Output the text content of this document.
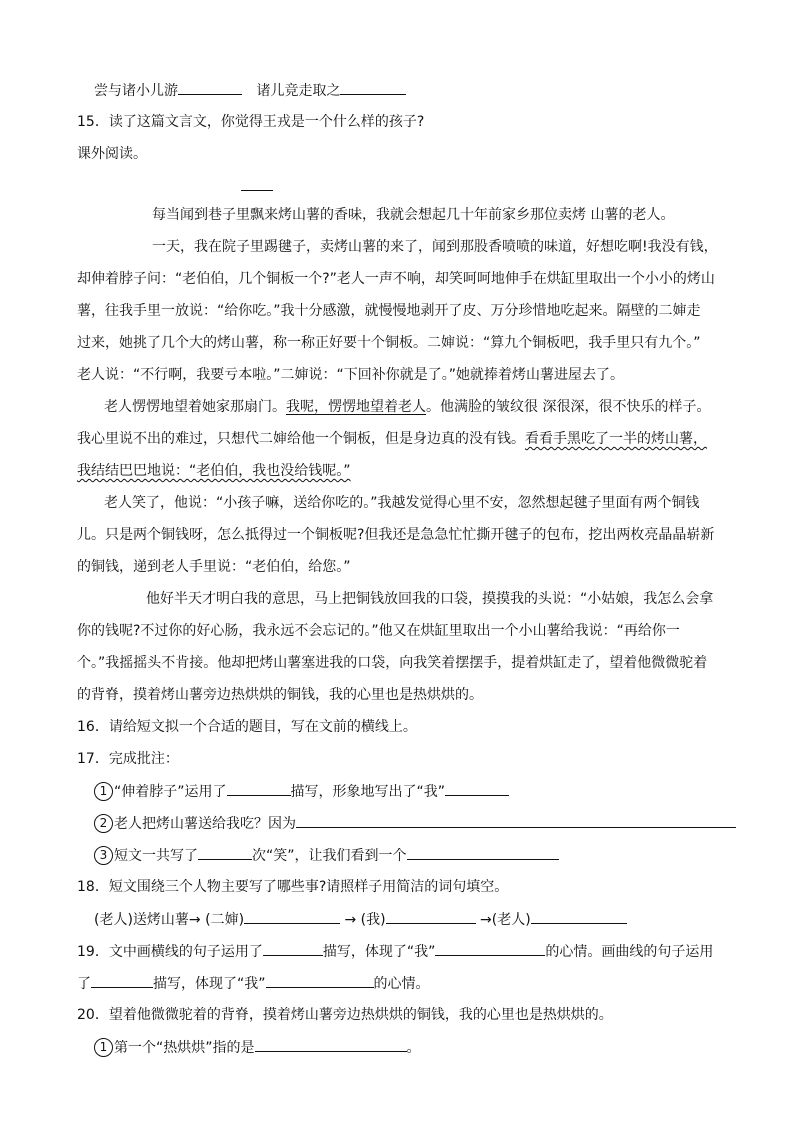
尝与诸小儿游	诸儿竞走取之
15．读了这篇文言文，你觉得王戎是一个什么样的孩子?
课外阅读。
每当闻到巷子里飘来烤山薯的香味，我就会想起几十年前家乡那位卖烤 山薯的老人。
一天，我在院子里踢毽子，卖烤山薯的来了，闻到那股香喷喷的味道，好想吃啊!我没有钱，
却伸着脖子问：“老伯伯，几个铜板一个?”老人一声不响，却笑呵呵地伸手在烘缸里取出一个小小的烤山
薯，往我手里一放说：“给你吃。”我十分感激，就慢慢地剥开了皮、万分珍惜地吃起来。隔壁的二婶走
过来，她挑了几个大的烤山薯，称一称正好要十个铜板。二婶说：“算九个铜板吧，我手里只有九个。”
老人说：“不行啊，我要亏本啦。”二婶说：“下回补你就是了。”她就捧着烤山薯进屋去了。
老人愣愣地望着她家那扇门。我呢，愣愣地望着老人。他满脸的皱纹很 深很深，很不快乐的样子。
我心里说不出的难过，只想代二婶给他一个铜板，但是身边真的没有钱。看看手黑吃了一半的烤山薯，
我结结巴巴地说：“老伯伯，我也没给钱呢。”
老人笑了，他说：“小孩子嘛，送给你吃的。”我越发觉得心里不安，忽然想起毽子里面有两个铜钱
儿。只是两个铜钱呀，怎么抵得过一个铜板呢?但我还是急急忙忙撕开毽子的包布，挖出两枚亮晶晶崭新
的铜钱，递到老人手里说：“老伯伯，给您。”
他好半天才明白我的意思，马上把铜钱放回我的口袋，摸摸我的头说：“小姑娘，我怎么会拿
你的钱呢?不过你的好心肠，我永远不会忘记的。”他又在烘缸里取出一个小山薯给我说：“再给你一
个。”我摇摇头不肯接。他却把烤山薯塞进我的口袋，向我笑着摆摆手，提着烘缸走了，望着他微微驼着
的背脊，摸着烤山薯旁边热烘烘的铜钱，我的心里也是热烘烘的。
16．请给短文拟一个合适的题目，写在文前的横线上。
17．完成批注：
1 “伸着脖子”运用了	描写，形象地写出了“我”
2 老人把烤山薯送给我吃？因为
3 短文一共写了	次“笑”，让我们看到一个
18．短文围绕三个人物主要写了哪些事?请照样子用简洁的词句填空。
(老人)送烤山薯→ (二婶)	→ (我)	→(老人)
19．文中画横线的句子运用了	描写，体现了“我”	的心情。画曲线的句子运用
了	描写，体现了“我”	的心情。
20．望着他微微驼着的背脊，摸着烤山薯旁边热烘烘的铜钱，我的心里也是热烘烘的。
1 第一个“热烘烘”指的是	。
